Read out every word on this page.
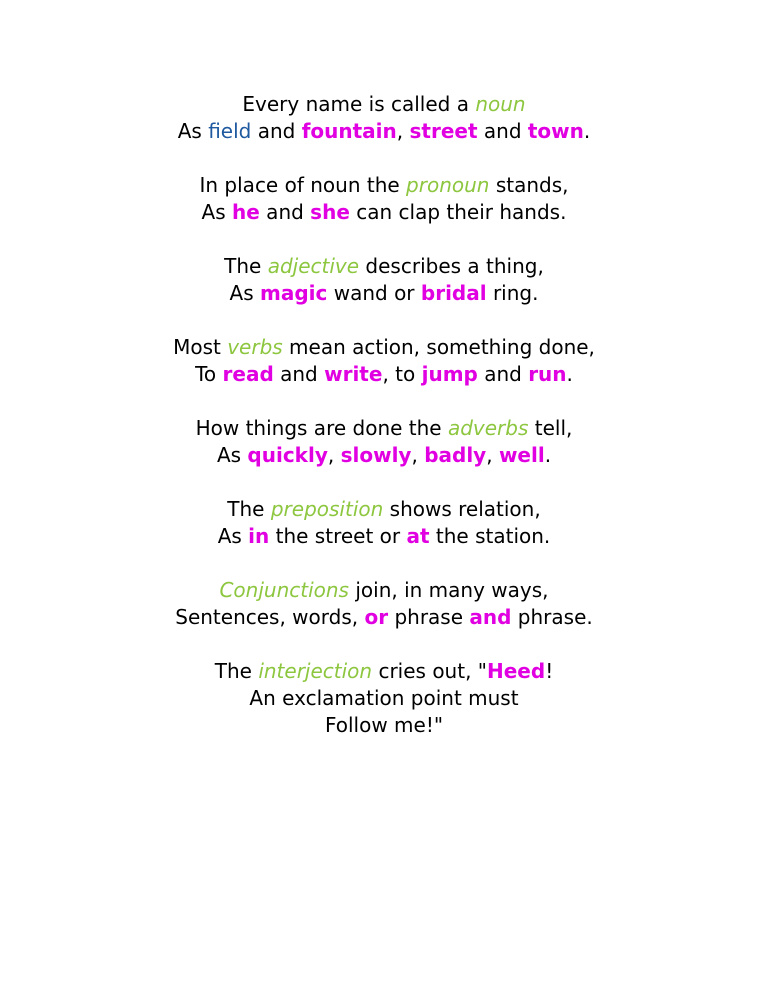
Every name is called a noun
As field and fountain, street and town.
In place of noun the pronoun stands,
As he and she can clap their hands.
The adjective describes a thing,
As magic wand or bridal ring.
Most verbs mean action, something done,
To read and write, to jump and run.
How things are done the adverbs tell,
As quickly, slowly, badly, well.
The preposition shows relation,
As in the street or at the station.
Conjunctions join, in many ways,
Sentences, words, or phrase and phrase.
The interjection cries out, "Heed!
An exclamation point must
Follow me!"
